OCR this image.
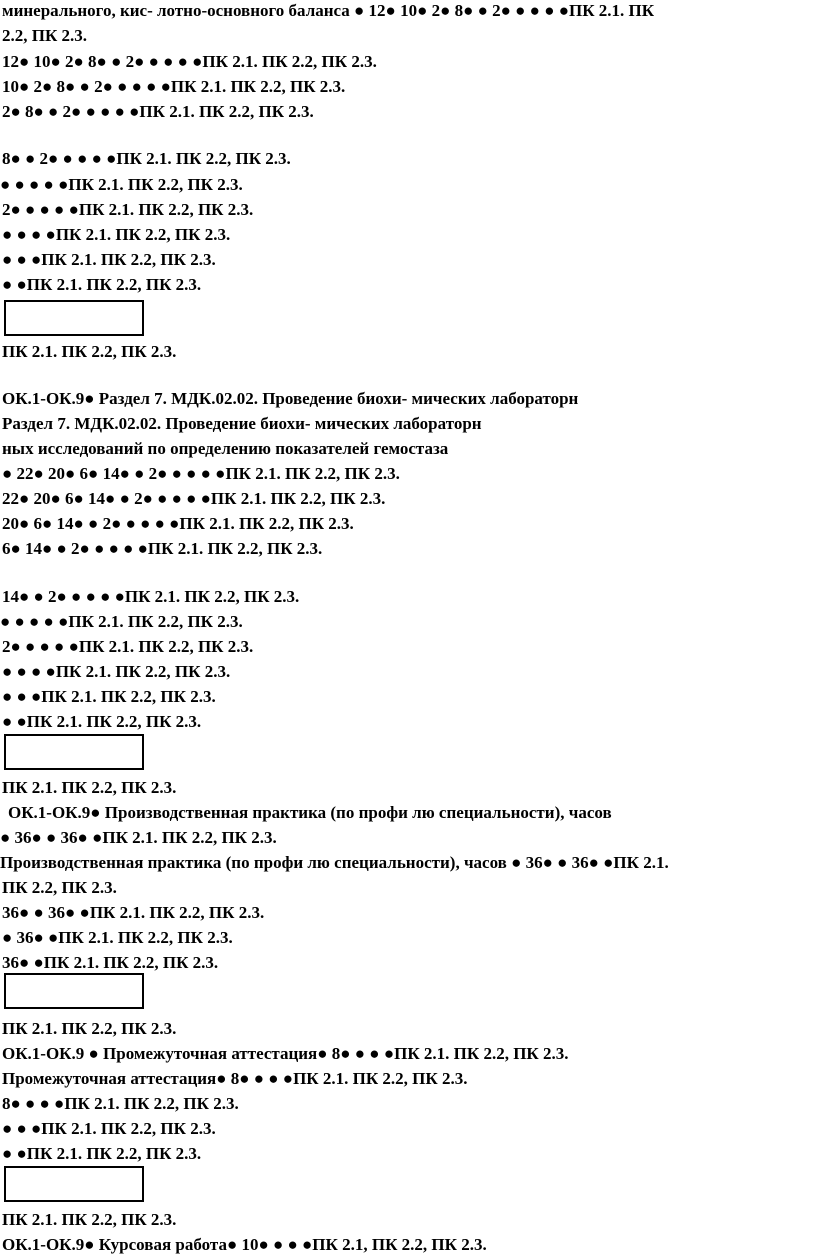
минерального, кис- лотно-основного баланса ● 12● 10● 2● 8● ● 2● ● ● ● ●ПК 2.1. ПК
2.2, ПК 2.3.
12● 10● 2● 8● ● 2● ● ● ● ●ПК 2.1. ПК 2.2, ПК 2.3.
10● 2● 8● ● 2● ● ● ● ●ПК 2.1. ПК 2.2, ПК 2.3.
2● 8● ● 2● ● ● ● ●ПК 2.1. ПК 2.2, ПК 2.3.
8● ● 2● ● ● ● ●ПК 2.1. ПК 2.2, ПК 2.3.
● ● ● ● ●ПК 2.1. ПК 2.2, ПК 2.3.
2● ● ● ● ●ПК 2.1. ПК 2.2, ПК 2.3.
● ● ● ●ПК 2.1. ПК 2.2, ПК 2.3.
● ● ●ПК 2.1. ПК 2.2, ПК 2.3.
● ●ПК 2.1. ПК 2.2, ПК 2.3.
ПК 2.1. ПК 2.2, ПК 2.3.
ОК.1-ОК.9● Раздел 7. МДК.02.02. Проведение биохи- мических лабораторн
Раздел 7. МДК.02.02. Проведение биохи- мических лабораторн
ных исследований по определению показателей гемостаза
● 22● 20● 6● 14● ● 2● ● ● ● ●ПК 2.1. ПК 2.2, ПК 2.3.
22● 20● 6● 14● ● 2● ● ● ● ●ПК 2.1. ПК 2.2, ПК 2.3.
20● 6● 14● ● 2● ● ● ● ●ПК 2.1. ПК 2.2, ПК 2.3.
6● 14● ● 2● ● ● ● ●ПК 2.1. ПК 2.2, ПК 2.3.
14● ● 2● ● ● ● ●ПК 2.1. ПК 2.2, ПК 2.3.
● ● ● ● ●ПК 2.1. ПК 2.2, ПК 2.3.
2● ● ● ● ●ПК 2.1. ПК 2.2, ПК 2.3.
● ● ● ●ПК 2.1. ПК 2.2, ПК 2.3.
● ● ●ПК 2.1. ПК 2.2, ПК 2.3.
● ●ПК 2.1. ПК 2.2, ПК 2.3.
ПК 2.1. ПК 2.2, ПК 2.3.
ОК.1-ОК.9● Производственная практика (по профи лю специальности), часов
● 36● ● 36● ●ПК 2.1. ПК 2.2, ПК 2.3.
Производственная практика (по профи лю специальности), часов ● 36● ● 36● ●ПК 2.1.
ПК 2.2, ПК 2.3.
36● ● 36● ●ПК 2.1. ПК 2.2, ПК 2.3.
● 36● ●ПК 2.1. ПК 2.2, ПК 2.3.
36● ●ПК 2.1. ПК 2.2, ПК 2.3.
ПК 2.1. ПК 2.2, ПК 2.3.
ОК.1-ОК.9 ● Промежуточная аттестация● 8● ● ● ●ПК 2.1. ПК 2.2, ПК 2.3.
Промежуточная аттестация● 8● ● ● ●ПК 2.1. ПК 2.2, ПК 2.3.
8● ● ● ●ПК 2.1. ПК 2.2, ПК 2.3.
● ● ●ПК 2.1. ПК 2.2, ПК 2.3.
● ●ПК 2.1. ПК 2.2, ПК 2.3.
ПК 2.1. ПК 2.2, ПК 2.3.
ОК.1-ОК.9● Курсовая работа● 10● ● ● ●ПК 2.1, ПК 2.2, ПК 2.3.
